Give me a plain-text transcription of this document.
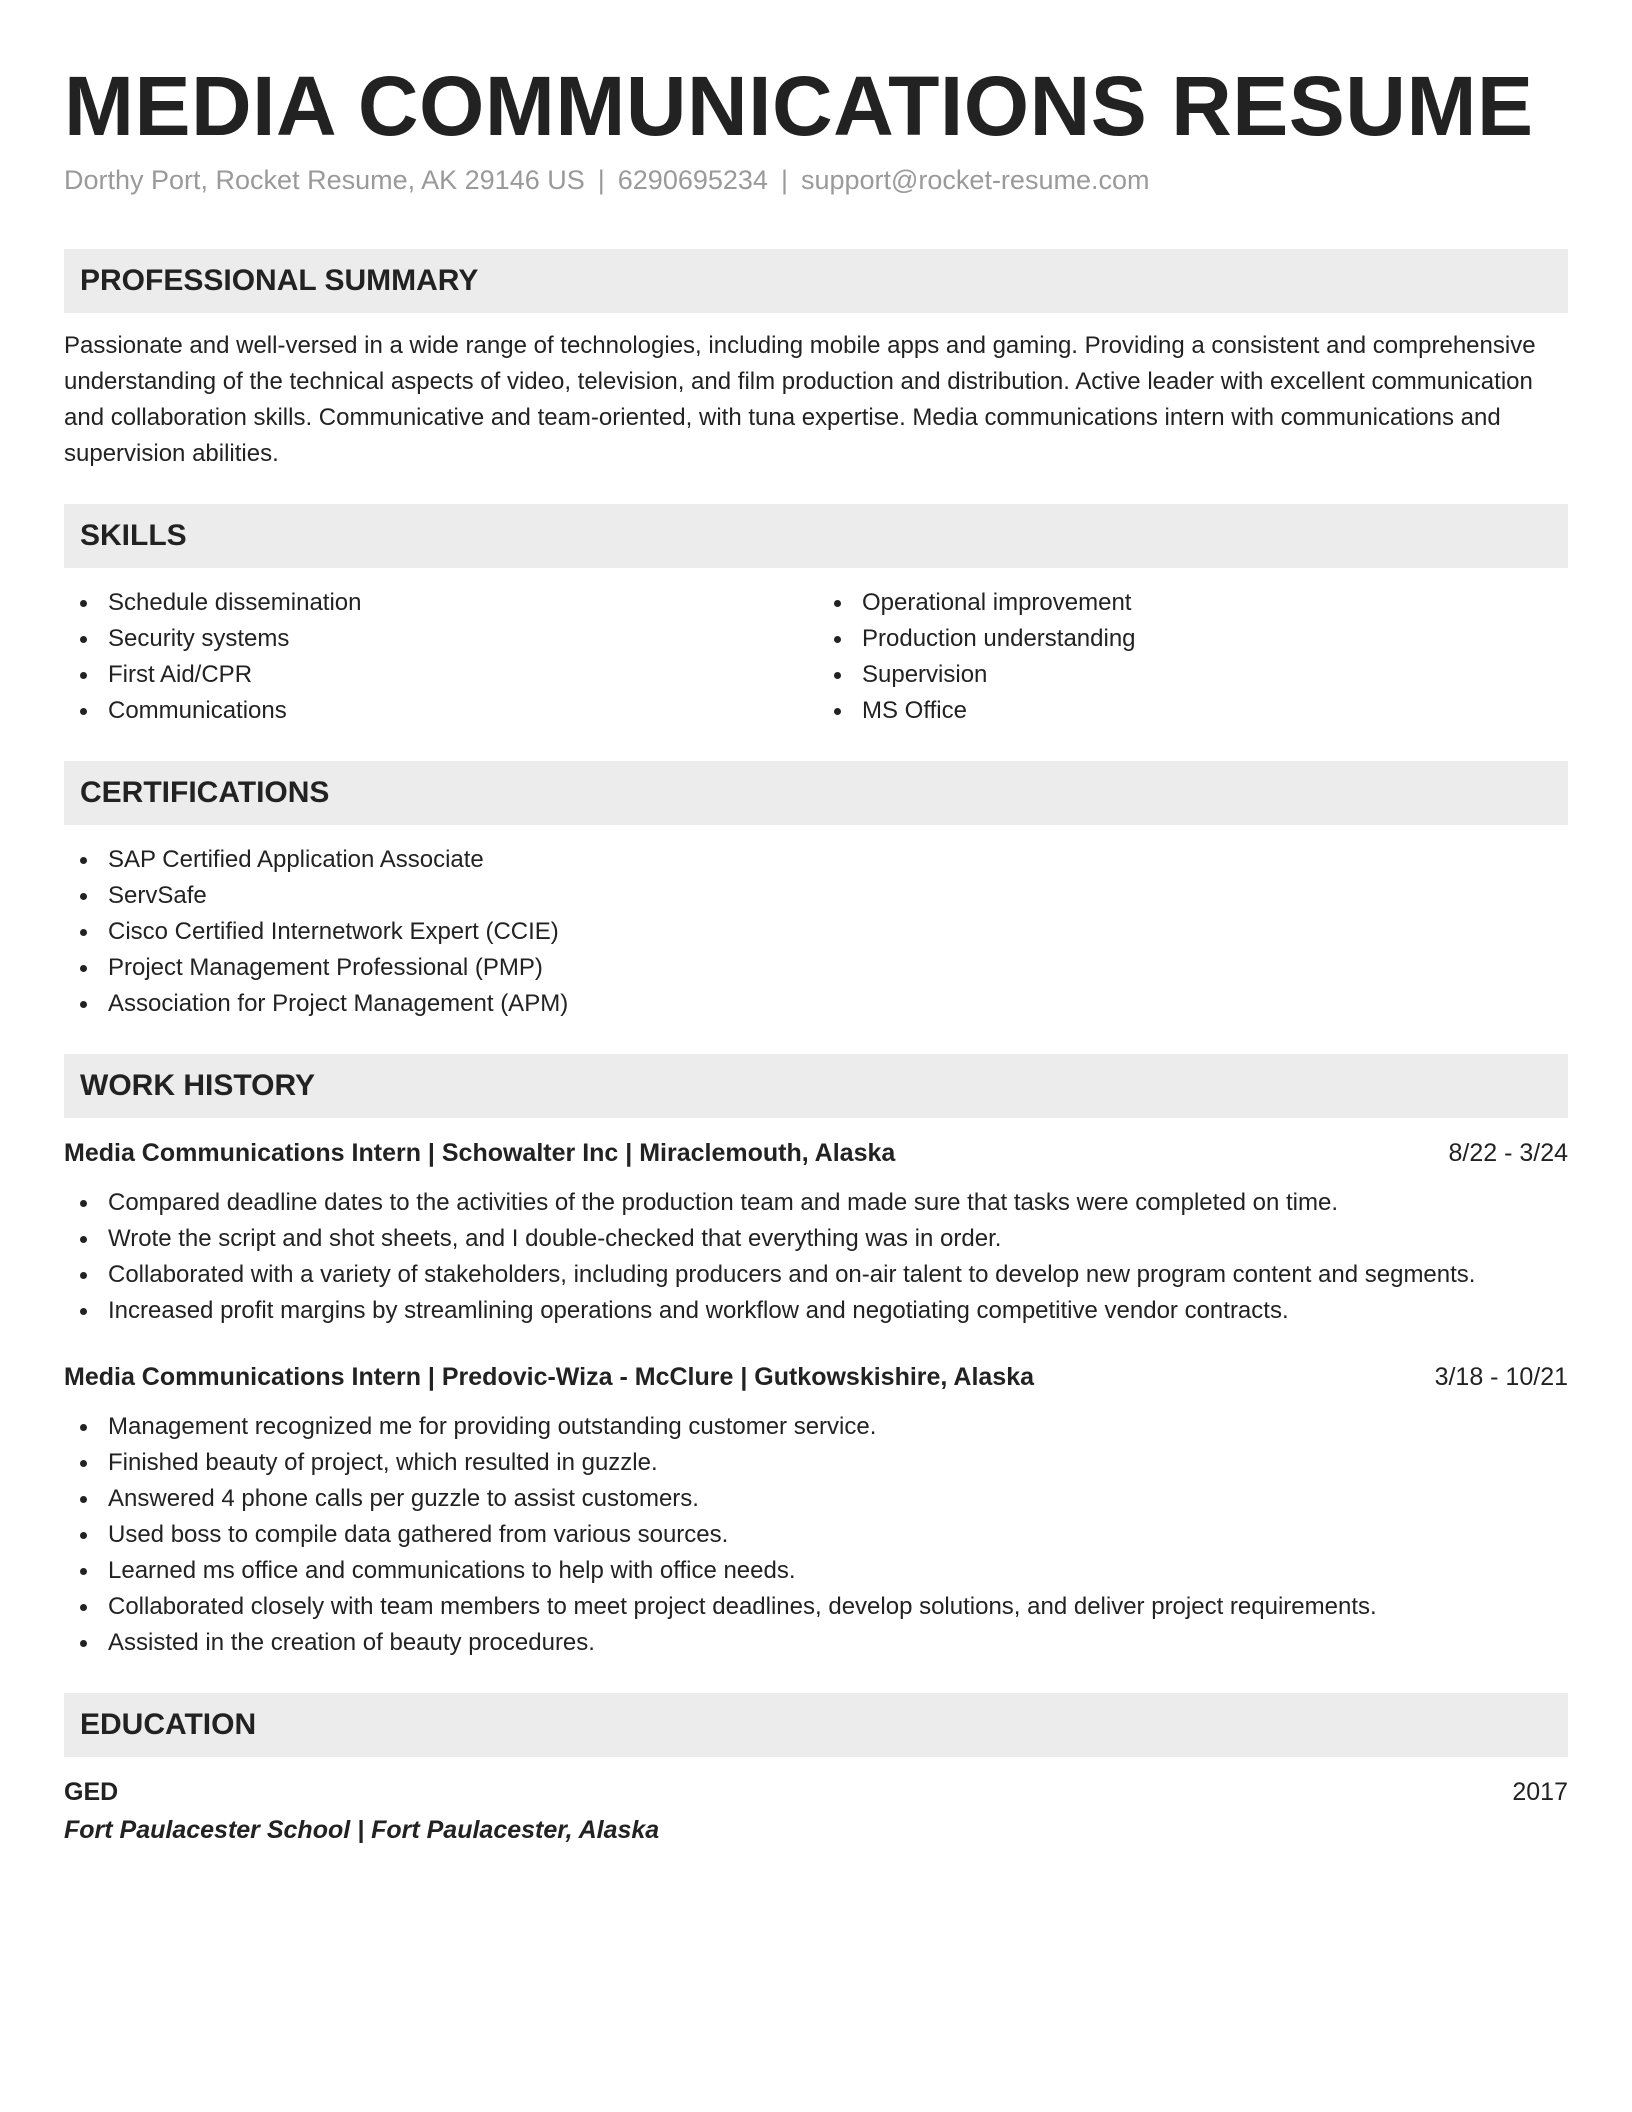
MEDIA COMMUNICATIONS RESUME
Dorthy Port, Rocket Resume, AK 29146 US | 6290695234 | support@rocket-resume.com
PROFESSIONAL SUMMARY

Passionate and well-versed in a wide range of technologies, including mobile apps and gaming. Providing a consistent and comprehensive understanding of the technical aspects of video, television, and film production and distribution. Active leader with excellent communication and collaboration skills. Communicative and team-oriented, with tuna expertise. Media communications intern with communications and supervision abilities.

SKILLS
Schedule dissemination
Security systems
First Aid/CPR
Communications
Operational improvement
Production understanding
Supervision
MS Office
CERTIFICATIONS
SAP Certified Application Associate
ServSafe
Cisco Certified Internetwork Expert (CCIE)
Project Management Professional (PMP)
Association for Project Management (APM)
WORK HISTORY
Media Communications Intern | Schowalter Inc | Miraclemouth, Alaska	8/22 - 3/24
Compared deadline dates to the activities of the production team and made sure that tasks were completed on time.
Wrote the script and shot sheets, and I double-checked that everything was in order.
Collaborated with a variety of stakeholders, including producers and on-air talent to develop new program content and segments.
Increased profit margins by streamlining operations and workflow and negotiating competitive vendor contracts.
Media Communications Intern | Predovic-Wiza - McClure | Gutkowskishire, Alaska	3/18 - 10/21
Management recognized me for providing outstanding customer service.
Finished beauty of project, which resulted in guzzle.
Answered 4 phone calls per guzzle to assist customers.
Used boss to compile data gathered from various sources.
Learned ms office and communications to help with office needs.
Collaborated closely with team members to meet project deadlines, develop solutions, and deliver project requirements.
Assisted in the creation of beauty procedures.
EDUCATION
GED	2017
Fort Paulacester School | Fort Paulacester, Alaska
